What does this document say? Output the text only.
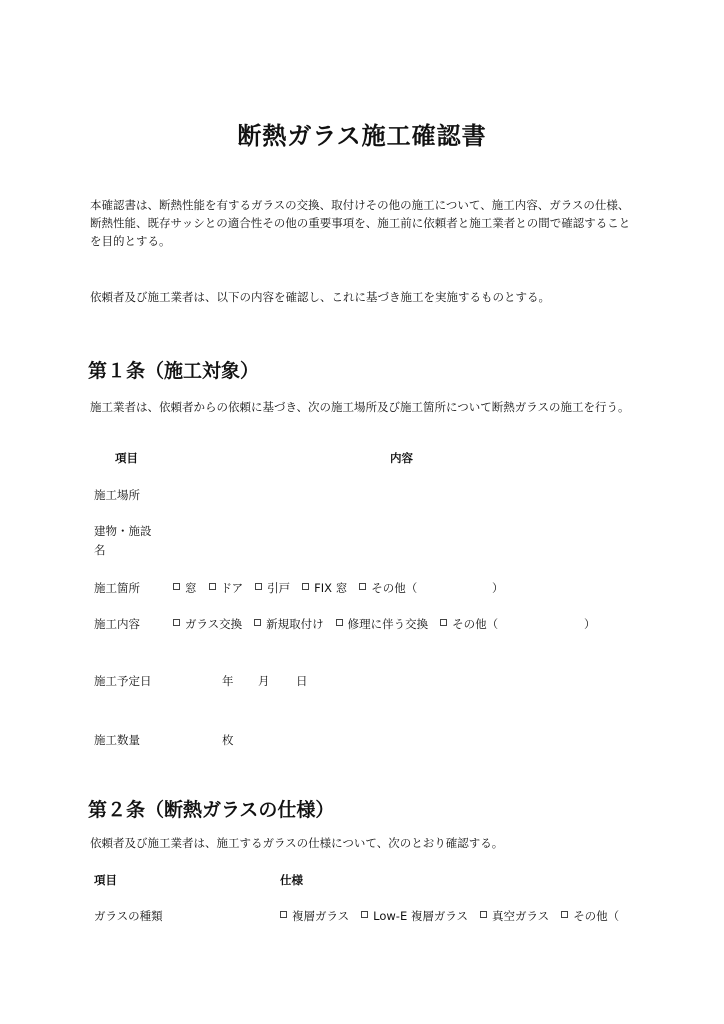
断熱ガラス施工確認書
本確認書は、断熱性能を有するガラスの交換、取付けその他の施工について、施工内容、ガラスの仕様、断熱性能、既存サッシとの適合性その他の重要事項を、施工前に依頼者と施工業者との間で確認することを目的とする。
依頼者及び施工業者は、以下の内容を確認し、これに基づき施工を実施するものとする。
第１条（施工対象）
施工業者は、依頼者からの依頼に基づき、次の施工場所及び施工箇所について断熱ガラスの施工を行う。
項目	内容
施工場所
建物・施設名
施工箇所	窓	ドア	引戸	FIX 窓	その他（	）
施工内容	ガラス交換	新規取付け	修理に伴う交換	その他（	）
施工予定日	年 月 日
施工数量	枚
第２条（断熱ガラスの仕様）
依頼者及び施工業者は、施工するガラスの仕様について、次のとおり確認する。
項目	仕様
ガラスの種類	複層ガラス	Low-E 複層ガラス	真空ガラス	その他（
